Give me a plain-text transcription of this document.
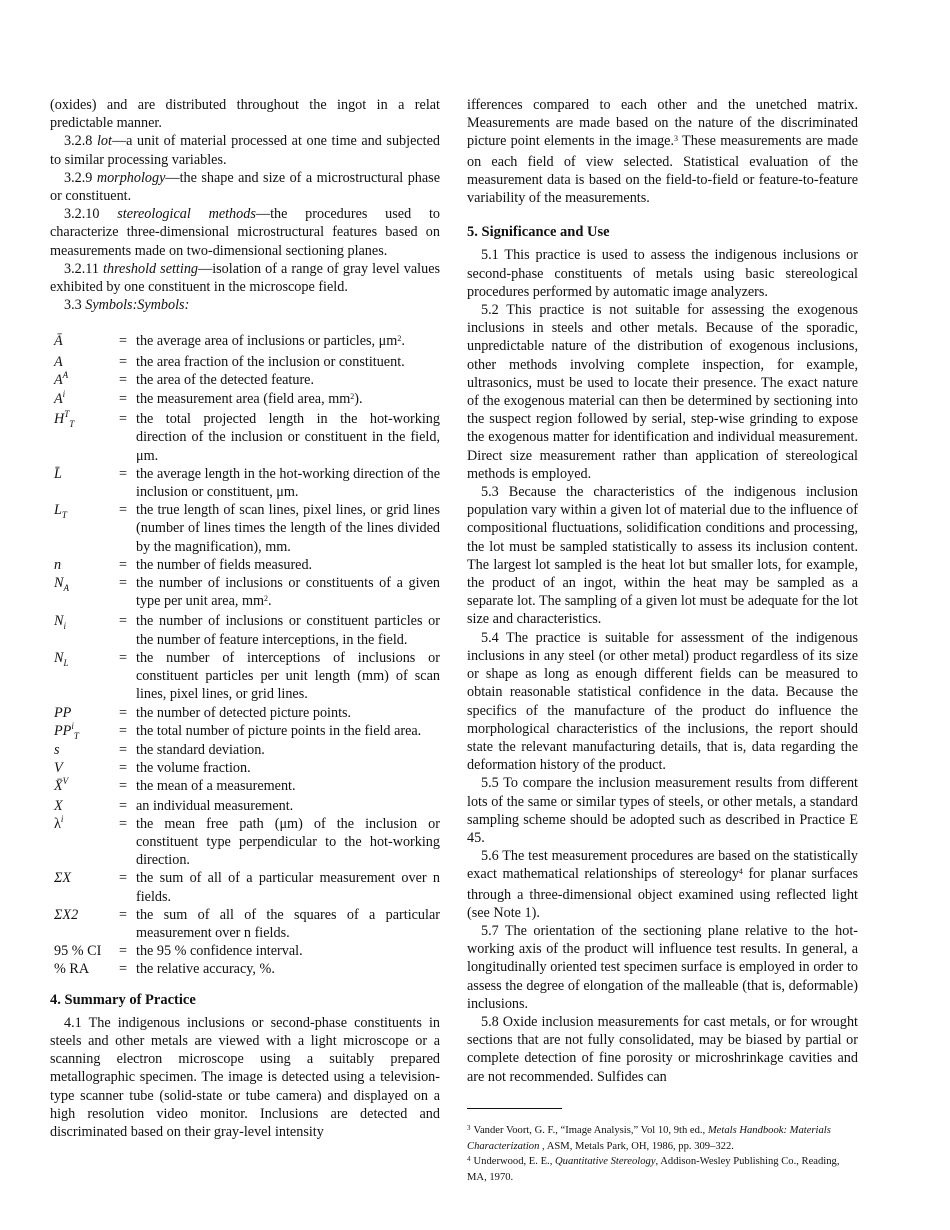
(oxides) and are distributed throughout the ingot in a relat predictable manner.

3.2.8 lot—a unit of material processed at one time and subjected to similar processing variables.

3.2.9 morphology—the shape and size of a microstructural phase or constituent.

3.2.10 stereological methods—the procedures used to characterize three-dimensional microstructural features based on measurements made on two-dimensional sectioning planes.

3.2.11 threshold setting—isolation of a range of gray level values exhibited by one constituent in the microscope field.

3.3 Symbols:Symbols:

Ā	= the average area of inclusions or particles, $\mu m^2$.
A	= the area fraction of the inclusion or constituent.
$A^A$	= the area of the detected feature.
$A^i$	= the measurement area (field area, $mm^2$).
$H^T_T$	= the total projected length in the hot-working direction of the inclusion or constituent in the field, μm.
L̄	= the average length in the hot-working direction of the inclusion or constituent, μm.
$L_T$	= the true length of scan lines, pixel lines, or grid lines (number of lines times the length of the lines divided by the magnification), mm.
n	= the number of fields measured.
$N_A$	= the number of inclusions or constituents of a given type per unit area, $mm^2$.
$N_i$	= the number of inclusions or constituent particles or the number of feature interceptions, in the field.
$N_L$	= the number of interceptions of inclusions or constituent particles per unit length (mm) of scan lines, pixel lines, or grid lines.
PP	= the number of detected picture points.
$PP^i_T$	= the total number of picture points in the field area.
s	= the standard deviation.
V	= the volume fraction.
X̄$^V$	= the mean of a measurement.
X	= an individual measurement.
$\lambda^i$	= the mean free path (μm) of the inclusion or constituent type perpendicular to the hot-working direction.
ΣX	= the sum of all of a particular measurement over n fields.
ΣX2	= the sum of all of the squares of a particular measurement over n fields.
95 % CI	= the 95 % confidence interval.
% RA	= the relative accuracy, %.
4. Summary of Practice

4.1 The indigenous inclusions or second-phase constituents in steels and other metals are viewed with a light microscope or a scanning electron microscope using a suitably prepared metallographic specimen. The image is detected using a television-type scanner tube (solid-state or tube camera) and displayed on a high resolution video monitor. Inclusions are detected and discriminated based on their gray-level intensity

ifferences compared to each other and the unetched matrix. Measurements are made based on the nature of the discriminated picture point elements in the image.$^3$ These measurements are made on each field of view selected. Statistical evaluation of the measurement data is based on the field-to-field or feature-to-feature variability of the measurements.

5. Significance and Use

5.1 This practice is used to assess the indigenous inclusions or second-phase constituents of metals using basic stereological procedures performed by automatic image analyzers.

5.2 This practice is not suitable for assessing the exogenous inclusions in steels and other metals. Because of the sporadic, unpredictable nature of the distribution of exogenous inclusions, other methods involving complete inspection, for example, ultrasonics, must be used to locate their presence. The exact nature of the exogenous material can then be determined by sectioning into the suspect region followed by serial, step-wise grinding to expose the exogenous matter for identification and individual measurement. Direct size measurement rather than application of stereological methods is employed.

5.3 Because the characteristics of the indigenous inclusion population vary within a given lot of material due to the influence of compositional fluctuations, solidification conditions and processing, the lot must be sampled statistically to assess its inclusion content. The largest lot sampled is the heat lot but smaller lots, for example, the product of an ingot, within the heat may be sampled as a separate lot. The sampling of a given lot must be adequate for the lot size and characteristics.

5.4 The practice is suitable for assessment of the indigenous inclusions in any steel (or other metal) product regardless of its size or shape as long as enough different fields can be measured to obtain reasonable statistical confidence in the data. Because the specifics of the manufacture of the product do influence the morphological characteristics of the inclusions, the report should state the relevant manufacturing details, that is, data regarding the deformation history of the product.

5.5 To compare the inclusion measurement results from different lots of the same or similar types of steels, or other metals, a standard sampling scheme should be adopted such as described in Practice E 45.

5.6 The test measurement procedures are based on the statistically exact mathematical relationships of stereology$^4$ for planar surfaces through a three-dimensional object examined using reflected light (see Note 1).

5.7 The orientation of the sectioning plane relative to the hot-working axis of the product will influence test results. In general, a longitudinally oriented test specimen surface is employed in order to assess the degree of elongation of the malleable (that is, deformable) inclusions.

5.8 Oxide inclusion measurements for cast metals, or for wrought sections that are not fully consolidated, may be biased by partial or complete detection of fine porosity or microshrinkage cavities and are not recommended. Sulfides can

$^3$ Vander Voort, G. F., “Image Analysis,” Vol 10, 9th ed., Metals Handbook: Materials Characterization , ASM, Metals Park, OH, 1986, pp. 309–322.
$^4$ Underwood, E. E., Quantitative Stereology, Addison-Wesley Publishing Co., Reading, MA, 1970.
